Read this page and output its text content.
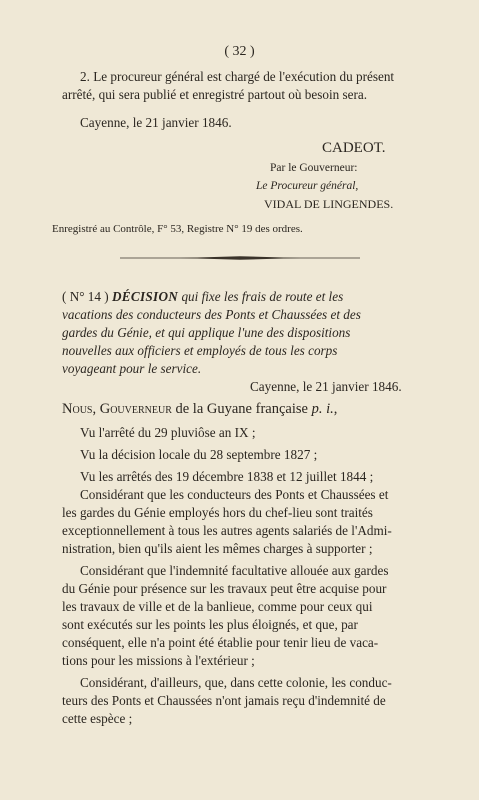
( 32 )
2. Le procureur général est chargé de l'exécution du présent
arrêté, qui sera publié et enregistré partout où besoin sera.
Cayenne, le 21 janvier 1846.
CADEOT.
Par le Gouverneur:
Le Procureur général,
VIDAL DE LINGENDES.
Enregistré au Contrôle, F° 53, Registre N° 19 des ordres.
( N° 14 ) DÉCISION qui fixe les frais de route et les
vacations des conducteurs des Ponts et Chaussées et des
gardes du Génie, et qui applique l'une des dispositions
nouvelles aux officiers et employés de tous les corps
voyageant pour le service.
Cayenne, le 21 janvier 1846.
Nous, Gouverneur de la Guyane française p. i.,
Vu l'arrêté du 29 pluviôse an IX ;
Vu la décision locale du 28 septembre 1827 ;
Vu les arrêtés des 19 décembre 1838 et 12 juillet 1844 ;
Considérant que les conducteurs des Ponts et Chaussées et
les gardes du Génie employés hors du chef-lieu sont traités
exceptionnellement à tous les autres agents salariés de l'Admi-
nistration, bien qu'ils aient les mêmes charges à supporter ;
Considérant que l'indemnité facultative allouée aux gardes
du Génie pour présence sur les travaux peut être acquise pour
les travaux de ville et de la banlieue, comme pour ceux qui
sont exécutés sur les points les plus éloignés, et que, par
conséquent, elle n'a point été établie pour tenir lieu de vaca-
tions pour les missions à l'extérieur ;
Considérant, d'ailleurs, que, dans cette colonie, les conduc-
teurs des Ponts et Chaussées n'ont jamais reçu d'indemnité de
cette espèce ;
